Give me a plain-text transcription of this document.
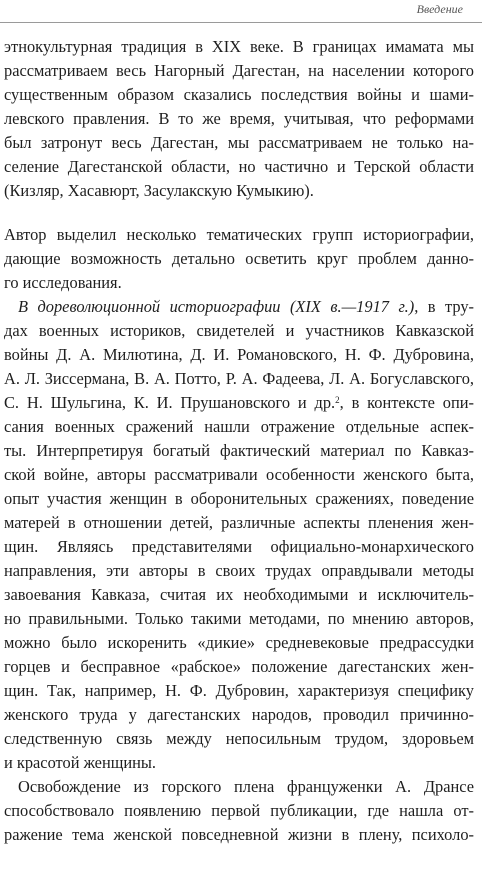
Введение
этнокультурная традиция в XIX веке. В границах имамата мы
рассматриваем весь Нагорный Дагестан, на населении которого
существенным образом сказались последствия войны и шами-
левского правления. В то же время, учитывая, что реформами
был затронут весь Дагестан, мы рассматриваем не только на-
селение Дагестанской области, но частично и Терской области
(Кизляр, Хасавюрт, Засулакскую Кумыкию).
Автор выделил несколько тематических групп историографии,
дающие возможность детально осветить круг проблем данно-
го исследования.
В дореволюционной историографии (XIX в.—1917 г.), в тру-
дах военных историков, свидетелей и участников Кавказской
войны Д. А. Милютина, Д. И. Романовского, Н. Ф. Дубровина,
А. Л. Зиссермана, В. А. Потто, Р. А. Фадеева, Л. А. Богуславского,
С. Н. Шульгина, К. И. Прушановского и др.$^2$, в контексте опи-
сания военных сражений нашли отражение отдельные аспек-
ты. Интерпретируя богатый фактический материал по Кавказ-
ской войне, авторы рассматривали особенности женского быта,
опыт участия женщин в оборонительных сражениях, поведение
матерей в отношении детей, различные аспекты пленения жен-
щин. Являясь представителями официально-монархического
направления, эти авторы в своих трудах оправдывали методы
завоевания Кавказа, считая их необходимыми и исключитель-
но правильными. Только такими методами, по мнению авторов,
можно было искоренить «дикие» средневековые предрассудки
горцев и бесправное «рабское» положение дагестанских жен-
щин. Так, например, Н. Ф. Дубровин, характеризуя специфику
женского труда у дагестанских народов, проводил причинно-
следственную связь между непосильным трудом, здоровьем
и красотой женщины.
Освобождение из горского плена француженки А. Дрансе
способствовало появлению первой публикации, где нашла от-
ражение тема женской повседневной жизни в плену, психоло-
